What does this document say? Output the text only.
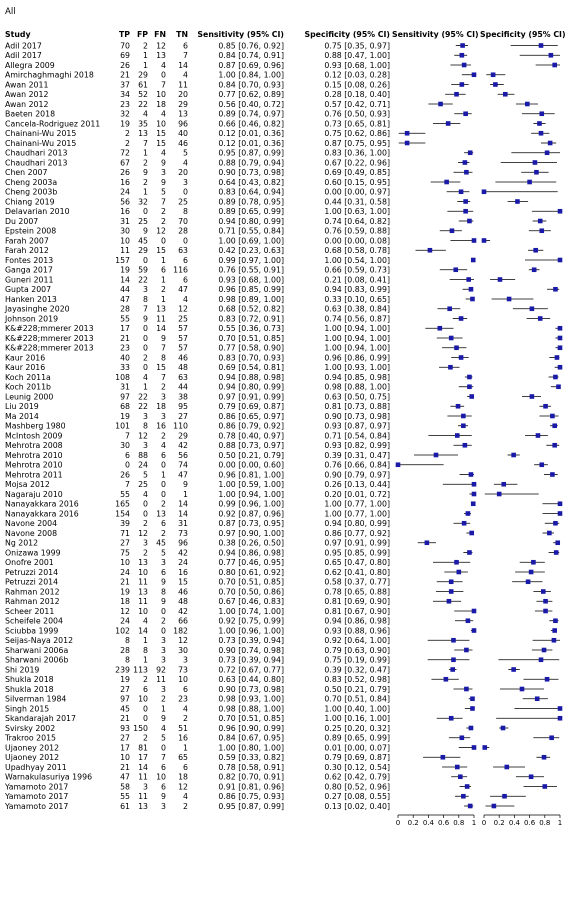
All
Study	TP FP FN TN Sensitivity (95% CI)	Specificity (95% CI) Sensitivity (95% CI) Specificity (95% CI)
Adil 2017	70 2 12 6	0.85 [0.76, 0.92]	0.75 [0.35, 0.97]
Adil 2017	69 1 13 7	0.84 [0.74, 0.91]	0.88 [0.47, 1.00]
Allegra 2009	26 1 4 14	0.87 [0.69, 0.96]	0.93 [0.68, 1.00]
Amirchaghmaghi 2018	21 29 0 4	1.00 [0.84, 1.00]	0.12 [0.03, 0.28]
Awan 2011	37 61 7 11	0.84 [0.70, 0.93]	0.15 [0.08, 0.26]
Awan 2012	34 52 10 20	0.77 [0.62, 0.89]	0.28 [0.18, 0.40]
Awan 2012	23 22 18 29	0.56 [0.40, 0.72]	0.57 [0.42, 0.71]
Baeten 2018	32 4 4 13	0.89 [0.74, 0.97]	0.76 [0.50, 0.93]
Cancela-Rodriguez 2011	19 35 10 96	0.66 [0.46, 0.82]	0.73 [0.65, 0.81]
Chainani-Wu 2015	2 13 15 40	0.12 [0.01, 0.36]	0.75 [0.62, 0.86]
Chainani-Wu 2015	2 7 15 46	0.12 [0.01, 0.36]	0.87 [0.75, 0.95]
Chaudhari 2013	72 1 4 5	0.95 [0.87, 0.99]	0.83 [0.36, 1.00]
Chaudhari 2013	67 2 9 4	0.88 [0.79, 0.94]	0.67 [0.22, 0.96]
Chen 2007	26 9 3 20	0.90 [0.73, 0.98]	0.69 [0.49, 0.85]
Cheng 2003a	16 2 9 3	0.64 [0.43, 0.82]	0.60 [0.15, 0.95]
Cheng 2003b	24 1 5 0	0.83 [0.64, 0.94]	0.00 [0.00, 0.97]
Chiang 2019	56 32 7 25	0.89 [0.78, 0.95]	0.44 [0.31, 0.58]
Delavarian 2010	16 0 2 8	0.89 [0.65, 0.99]	1.00 [0.63, 1.00]
Du 2007	31 25 2 70	0.94 [0.80, 0.99]	0.74 [0.64, 0.82]
Epstein 2008	30 9 12 28	0.71 [0.55, 0.84]	0.76 [0.59, 0.88]
Farah 2007	10 45 0 0	1.00 [0.69, 1.00]	0.00 [0.00, 0.08]
Farah 2012	11 29 15 63	0.42 [0.23, 0.63]	0.68 [0.58, 0.78]
Fontes 2013	157 0 1 6	0.99 [0.97, 1.00]	1.00 [0.54, 1.00]
Ganga 2017	19 59 6 116	0.76 [0.55, 0.91]	0.66 [0.59, 0.73]
Guneri 2011	14 22 1 6	0.93 [0.68, 1.00]	0.21 [0.08, 0.41]
Gupta 2007	44 3 2 47	0.96 [0.85, 0.99]	0.94 [0.83, 0.99]
Hanken 2013	47 8 1 4	0.98 [0.89, 1.00]	0.33 [0.10, 0.65]
Jayasinghe 2020	28 7 13 12	0.68 [0.52, 0.82]	0.63 [0.38, 0.84]
Johnson 2019	55 9 11 25	0.83 [0.72, 0.91]	0.74 [0.56, 0.87]
K&#228;mmerer 2013	17 0 14 57	0.55 [0.36, 0.73]	1.00 [0.94, 1.00]
K&#228;mmerer 2013	21 0 9 57	0.70 [0.51, 0.85]	1.00 [0.94, 1.00]
K&#228;mmerer 2013	23 0 7 57	0.77 [0.58, 0.90]	1.00 [0.94, 1.00]
Kaur 2016	40 2 8 46	0.83 [0.70, 0.93]	0.96 [0.86, 0.99]
Kaur 2016	33 0 15 48	0.69 [0.54, 0.81]	1.00 [0.93, 1.00]
Koch 2011a	108 4 7 63	0.94 [0.88, 0.98]	0.94 [0.85, 0.98]
Koch 2011b	31 1 2 44	0.94 [0.80, 0.99]	0.98 [0.88, 1.00]
Leunig 2000	97 22 3 38	0.97 [0.91, 0.99]	0.63 [0.50, 0.75]
Liu 2019	68 22 18 95	0.79 [0.69, 0.87]	0.81 [0.73, 0.88]
Ma 2014	19 3 3 27	0.86 [0.65, 0.97]	0.90 [0.73, 0.98]
Mashberg 1980	101 8 16 110	0.86 [0.79, 0.92]	0.93 [0.87, 0.97]
McIntosh 2009	7 12 2 29	0.78 [0.40, 0.97]	0.71 [0.54, 0.84]
Mehrotra 2008	30 3 4 42	0.88 [0.73, 0.97]	0.93 [0.82, 0.99]
Mehrotra 2010	6 88 6 56	0.50 [0.21, 0.79]	0.39 [0.31, 0.47]
Mehrotra 2010	0 24 0 74	0.00 [0.00, 0.60]	0.76 [0.66, 0.84]
Mehrotra 2011	26 5 1 47	0.96 [0.81, 1.00]	0.90 [0.79, 0.97]
Mojsa 2012	7 25 0 9	1.00 [0.59, 1.00]	0.26 [0.13, 0.44]
Nagaraju 2010	55 4 0 1	1.00 [0.94, 1.00]	0.20 [0.01, 0.72]
Nanayakkara 2016	165 0 2 14	0.99 [0.96, 1.00]	1.00 [0.77, 1.00]
Nanayakkara 2016	154 0 13 14	0.92 [0.87, 0.96]	1.00 [0.77, 1.00]
Navone 2004	39 2 6 31	0.87 [0.73, 0.95]	0.94 [0.80, 0.99]
Navone 2008	71 12 2 73	0.97 [0.90, 1.00]	0.86 [0.77, 0.92]
Ng 2012	27 3 45 96	0.38 [0.26, 0.50]	0.97 [0.91, 0.99]
Onizawa 1999	75 2 5 42	0.94 [0.86, 0.98]	0.95 [0.85, 0.99]
Onofre 2001	10 13 3 24	0.77 [0.46, 0.95]	0.65 [0.47, 0.80]
Petruzzi 2014	24 10 6 16	0.80 [0.61, 0.92]	0.62 [0.41, 0.80]
Petruzzi 2014	21 11 9 15	0.70 [0.51, 0.85]	0.58 [0.37, 0.77]
Rahman 2012	19 13 8 46	0.70 [0.50, 0.86]	0.78 [0.65, 0.88]
Rahman 2012	18 11 9 48	0.67 [0.46, 0.83]	0.81 [0.69, 0.90]
Scheer 2011	12 10 0 42	1.00 [0.74, 1.00]	0.81 [0.67, 0.90]
Scheifele 2004	24 4 2 66	0.92 [0.75, 0.99]	0.94 [0.86, 0.98]
Sciubba 1999	102 14 0 182	1.00 [0.96, 1.00]	0.93 [0.88, 0.96]
Seijas-Naya 2012	8 1 3 12	0.73 [0.39, 0.94]	0.92 [0.64, 1.00]
Sharwani 2006a	28 8 3 30	0.90 [0.74, 0.98]	0.79 [0.63, 0.90]
Sharwani 2006b	8 1 3 3	0.73 [0.39, 0.94]	0.75 [0.19, 0.99]
Shi 2019	239 113 92 73	0.72 [0.67, 0.77]	0.39 [0.32, 0.47]
Shukla 2018	19 2 11 10	0.63 [0.44, 0.80]	0.83 [0.52, 0.98]
Shukla 2018	27 6 3 6	0.90 [0.73, 0.98]	0.50 [0.21, 0.79]
Silverman 1984	97 10 2 23	0.98 [0.93, 1.00]	0.70 [0.51, 0.84]
Singh 2015	45 0 1 4	0.98 [0.88, 1.00]	1.00 [0.40, 1.00]
Skandarajah 2017	21 0 9 2	0.70 [0.51, 0.85]	1.00 [0.16, 1.00]
Svirsky 2002	93 150 4 51	0.96 [0.90, 0.99]	0.25 [0.20, 0.32]
Trakroo 2015	27 2 5 16	0.84 [0.67, 0.95]	0.89 [0.65, 0.99]
Ujaoney 2012	17 81 0 1	1.00 [0.80, 1.00]	0.01 [0.00, 0.07]
Ujaoney 2012	10 17 7 65	0.59 [0.33, 0.82]	0.79 [0.69, 0.87]
Upadhyay 2011	21 14 6 6	0.78 [0.58, 0.91]	0.30 [0.12, 0.54]
Warnakulasuriya 1996	47 11 10 18	0.82 [0.70, 0.91]	0.62 [0.42, 0.79]
Yamamoto 2017	58 3 6 12	0.91 [0.81, 0.96]	0.80 [0.52, 0.96]
Yamamoto 2017	55 11 9 4	0.86 [0.75, 0.93]	0.27 [0.08, 0.55]
Yamamoto 2017	61 13 3 2	0.95 [0.87, 0.99]	0.13 [0.02, 0.40]
0 0.2 0.4 0.6 0.8 1 0 0.2 0.4 0.6 0.8 1
